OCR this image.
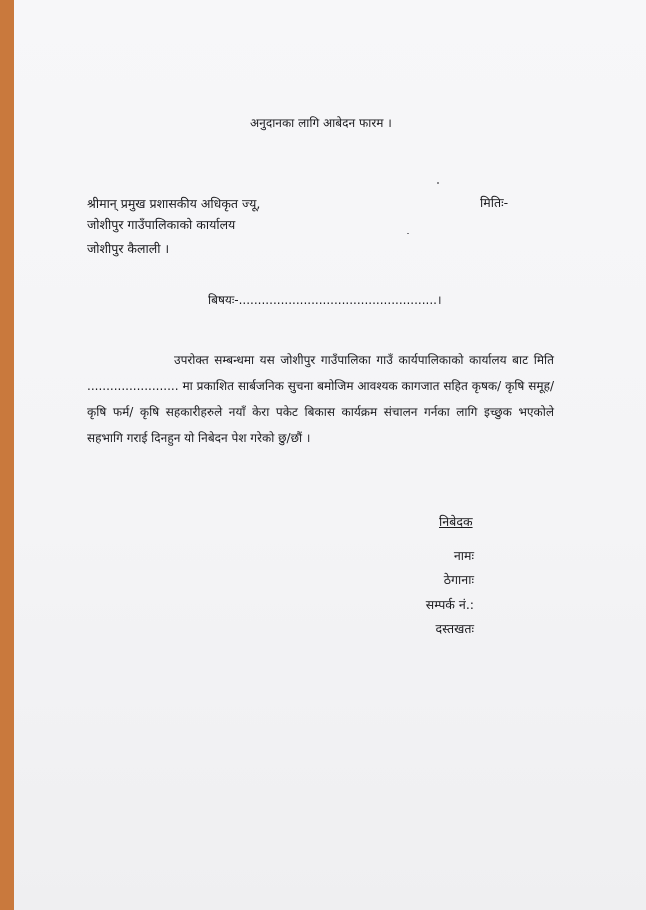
अनुदानका लागि आबेदन फारम ।
श्रीमान् प्रमुख प्रशासकीय अधिकृत ज्यू,
जोशीपुर गाउँपालिकाको कार्यालय
जोशीपुर कैलाली ।
मितिः-
बिषयः-....................................................।
उपरोक्त सम्बन्धमा यस जोशीपुर गाउँपालिका गाउँ कार्यपालिकाको कार्यालय बाट मिति ........................ मा प्रकाशित सार्बजनिक सुचना बमोजिम आवश्यक कागजात सहित कृषक/ कृषि समूह/कृषि फर्म/ कृषि सहकारीहरुले नयाँ केरा पकेट बिकास कार्यक्रम संचालन गर्नका लागि इच्छुक भएकोले सहभागि गराई दिनहुन यो निबेदन पेश गरेको छु/छौं ।
निबेदक
नामः
ठेगानाः
सम्पर्क नं.:
दस्तखतः
